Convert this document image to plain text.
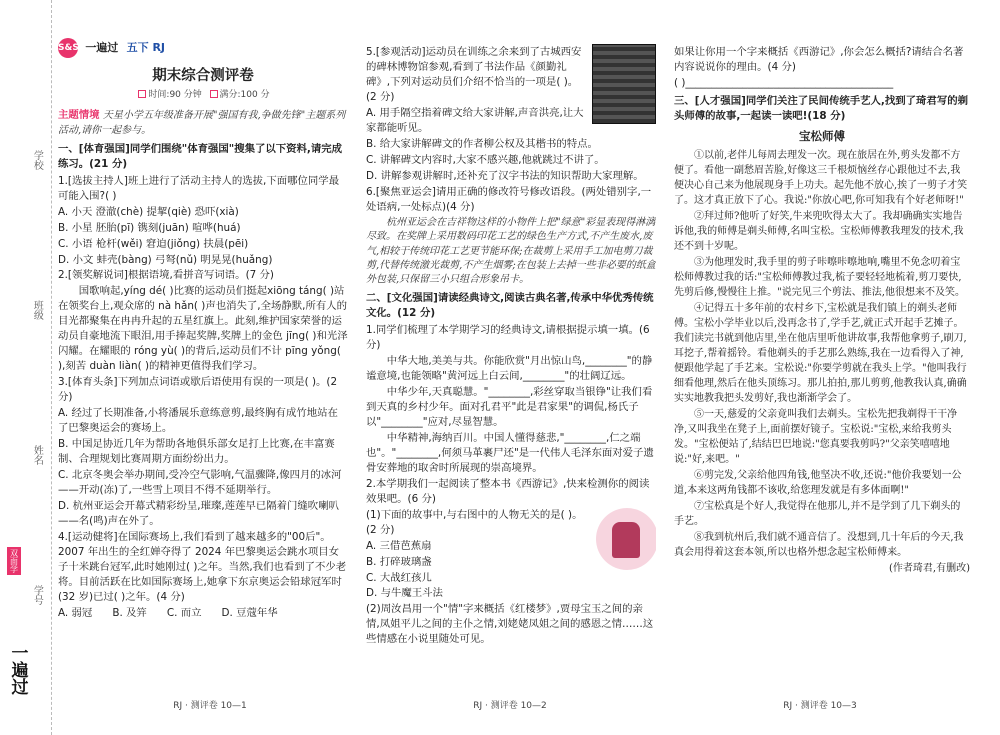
学校
班级
姓名
学号
双面学
一遍过
S&S 一遍过 五下 RJ
期末综合测评卷
时间:90 分钟 满分:100 分

主题情境 天星小学五年级准备开展"强国有我,争做先锋"主题系列活动,请你一起参与。

一、[体育强国]同学们围绕"体育强国"搜集了以下资料,请完成练习。(21 分)

1.[选拔主持人]班上进行了活动主持人的选拔,下面哪位同学最可能入围?( )

A. 小天 澄澈(chè) 提挈(qiè) 恐吓(xià)

B. 小星 胚胎(pī) 镌刻(juān) 喧哗(huá)

C. 小语 枪杆(wěi) 窘迫(jiǒng) 扶晨(pēi)

D. 小文 蚌壳(bàng) 弓弩(nǔ) 明晃晃(huǎng)

2.[领奖解说词]根据语境,看拼音写词语。(7 分)

国歌响起,yíng dé( )比赛的运动员们挺起xiōng táng( )站在领奖台上,观众席的 nà hǎn( )声也消失了,全场静默,所有人的目光都聚集在冉冉升起的五星红旗上。此刻,维护国家荣誉的运动员自豪地流下眼泪,用手捧起奖牌,奖牌上的金色 jīng( )和光泽闪耀。在耀眼的 róng yù( )的背后,运动员们不计 pīng yǒng( ),刻苦 duàn liàn( )的精神更值得我们学习。

3.[体育头条]下列加点词语或歇后语使用有误的一项是( )。(2 分)

A. 经过了长期准备,小将潘展乐意练意剪,最终胸有成竹地站在了巴黎奥运会的赛场上。

B. 中国足协近几年为帮助各地俱乐部女足打上比赛,在丰富赛制、合理规划比赛周期方面纷纷出力。

C. 北京冬奥会举办期间,受冷空气影响,气温骤降,像四月的冰河——开动(冻)了,一些雪上项目不得不延期举行。

D. 杭州亚运会开幕式精彩纷呈,璀璨,莲莲早已隔着门缝吹喇叭——名(鸣)声在外了。

4.[运动健将]在国际赛场上,我们看到了越来越多的"00后"。2007 年出生的全红婵夺得了 2024 年巴黎奥运会跳水项目女子十米跳台冠军,此时她刚过( )之年。当然,我们也看到了不少老将。目前活跃在比如国际赛场上,她拿下东京奥运会铅球冠军时(32 岁)已过( )之年。(4 分)

A. 弱冠 B. 及笄 C. 而立 D. 豆蔻年华

5.[参观活动]运动员在训练之余来到了古城西安的碑林博物馆参观,看到了书法作品《颜勤礼碑》,下列对运动员们介绍不恰当的一项是( )。(2 分)

A. 用手隔空指着碑文给大家讲解,声音洪亮,让大家都能听见。

B. 给大家讲解碑文的作者柳公权及其楷书的特点。

C. 讲解碑文内容时,大家不感兴趣,他就跳过不讲了。

D. 讲解参观讲解时,还补充了汉字书法的知识帮助大家理解。

6.[聚焦亚运会]请用正确的修改符号修改语段。(两处错别字,一处语病,一处标点)(4 分)

杭州亚运会在吉祥物这样的小物件上把"绿意"彩显表现得淋漓尽致。在奖牌上采用数码印花工艺的绿色生产方式,不产生废水,废气,相较于传统印花工艺更节能环保;在裁剪上采用手工加电剪刀裁剪,代替传统激光裁剪,不产生烟雾;在包装上去掉一些非必要的纸盒外包装,只保留三小只组合形象吊卡。

二、[文化强国]请读经典诗文,阅读古典名著,传承中华优秀传统文化。(12 分)

1.同学们梳理了本学期学习的经典诗文,请根据提示填一填。(6 分)

中华大地,美美与共。你能欣赏"月出惊山鸟,________"的静谧意境,也能领略"黄河远上白云间,________"的壮阔辽远。

中华少年,天真聪慧。"________,彩丝穿取当银铮"让我们看到天真的乡村少年。面对孔君平"此是君家果"的调侃,杨氏子以"________"应对,尽显智慧。

中华精神,海纳百川。中国人懂得慈悲,"________,仁之端也"。"________,何须马革裹尸还"是一代伟人毛泽东面对爱子遗骨安葬地的取舍时所展现的崇高境界。

2.本学期我们一起阅读了整本书《西游记》,快来检测你的阅读效果吧。(6 分)

(1)下面的故事中,与右图中的人物无关的是( )。(2 分)

A. 三借芭蕉扇

B. 打碎玻璃盏

C. 大战红孩儿

D. 与牛魔王斗法

(2)周汝昌用一个"情"字来概括《红楼梦》,贾母宝玉之间的亲情,凤姐平儿之间的主仆之情,刘姥姥凤姐之间的感恩之情……这些情感在小说里随处可见。

如果让你用一个字来概括《西游记》,你会怎么概括?请结合名著内容说说你的理由。(4 分)

( )________________________________________

三、[人才强国]同学们关注了民间传统手艺人,找到了琦君写的剃头师傅的故事,一起读一读吧!(18 分)

宝松师傅

①以前,老伴儿每周去理发一次。现在旅居在外,剪头发都不方便了。看他一副愁眉苦脸,好像这三千根烦恼丝存心跟他过不去,我便决心自己来为他展现身手上功夫。起先他不放心,挨了一剪子才笑了。这才真正放下了心。我说:"你放心吧,你可知我有个好老师呀!"

②拜过师?他听了好笑,牛来兜吹得太大了。我却确确实实地告诉他,我的师傅是剃头师傅,名叫宝松。宝松师傅教我理发的技术,我还不到十岁呢。

③为他理发时,我手里的剪子咔嚓咔嚓地响,嘴里不免念叨着宝松师傅教过我的话:"宝松师傅教过我,梳子要轻轻地梳着,剪刀要快,先剪后修,慢慢往上推。"说完见三个剪法、推法,他很想来不及笑。

④记得五十多年前的农村乡下,宝松就是我们镇上的剃头老师傅。宝松小学毕业以后,没再念书了,学手艺,就正式开起手艺摊子。我们读完书就到他店里,坐在他店里听他讲故事,我帮他拿剪子,刷刀,耳挖子,帮着摇铃。看他剃头的手艺那么熟练,我在一边看得入了神,便跟他学起了手艺来。宝松说:"你要学剪就在我头上学。"他叫我行细看他理,然后在他头顶练习。那儿拍拍,那儿剪剪,他教我认真,确确实实地教我把头发剪好,我也渐渐学会了。

⑤一天,慈爱的父亲竟叫我们去剃头。宝松先把我剃得干干净净,又叫我坐在凳子上,面前摆好镜子。宝松说:"宝松,来给我剪头发。"宝松便站了,结结巴巴地说:"您真要我剪吗?"父亲笑嘻嘻地说:"好,来吧。"

⑥剪完发,父亲给他四角钱,他坚决不收,还说:"他价我要划一公道,本来这两角钱都不该收,给您理发就是有多体面啊!"

⑦宝松真是个好人,我觉得在他那儿,并不是学到了几下剃头的手艺。

⑧我到杭州后,我们就不通音信了。没想到,几十年后的今天,我真会用得着这套本领,所以也格外想念起宝松师傅来。

(作者琦君,有删改)

RJ · 测评卷 10—1	RJ · 测评卷 10—2	RJ · 测评卷 10—3
